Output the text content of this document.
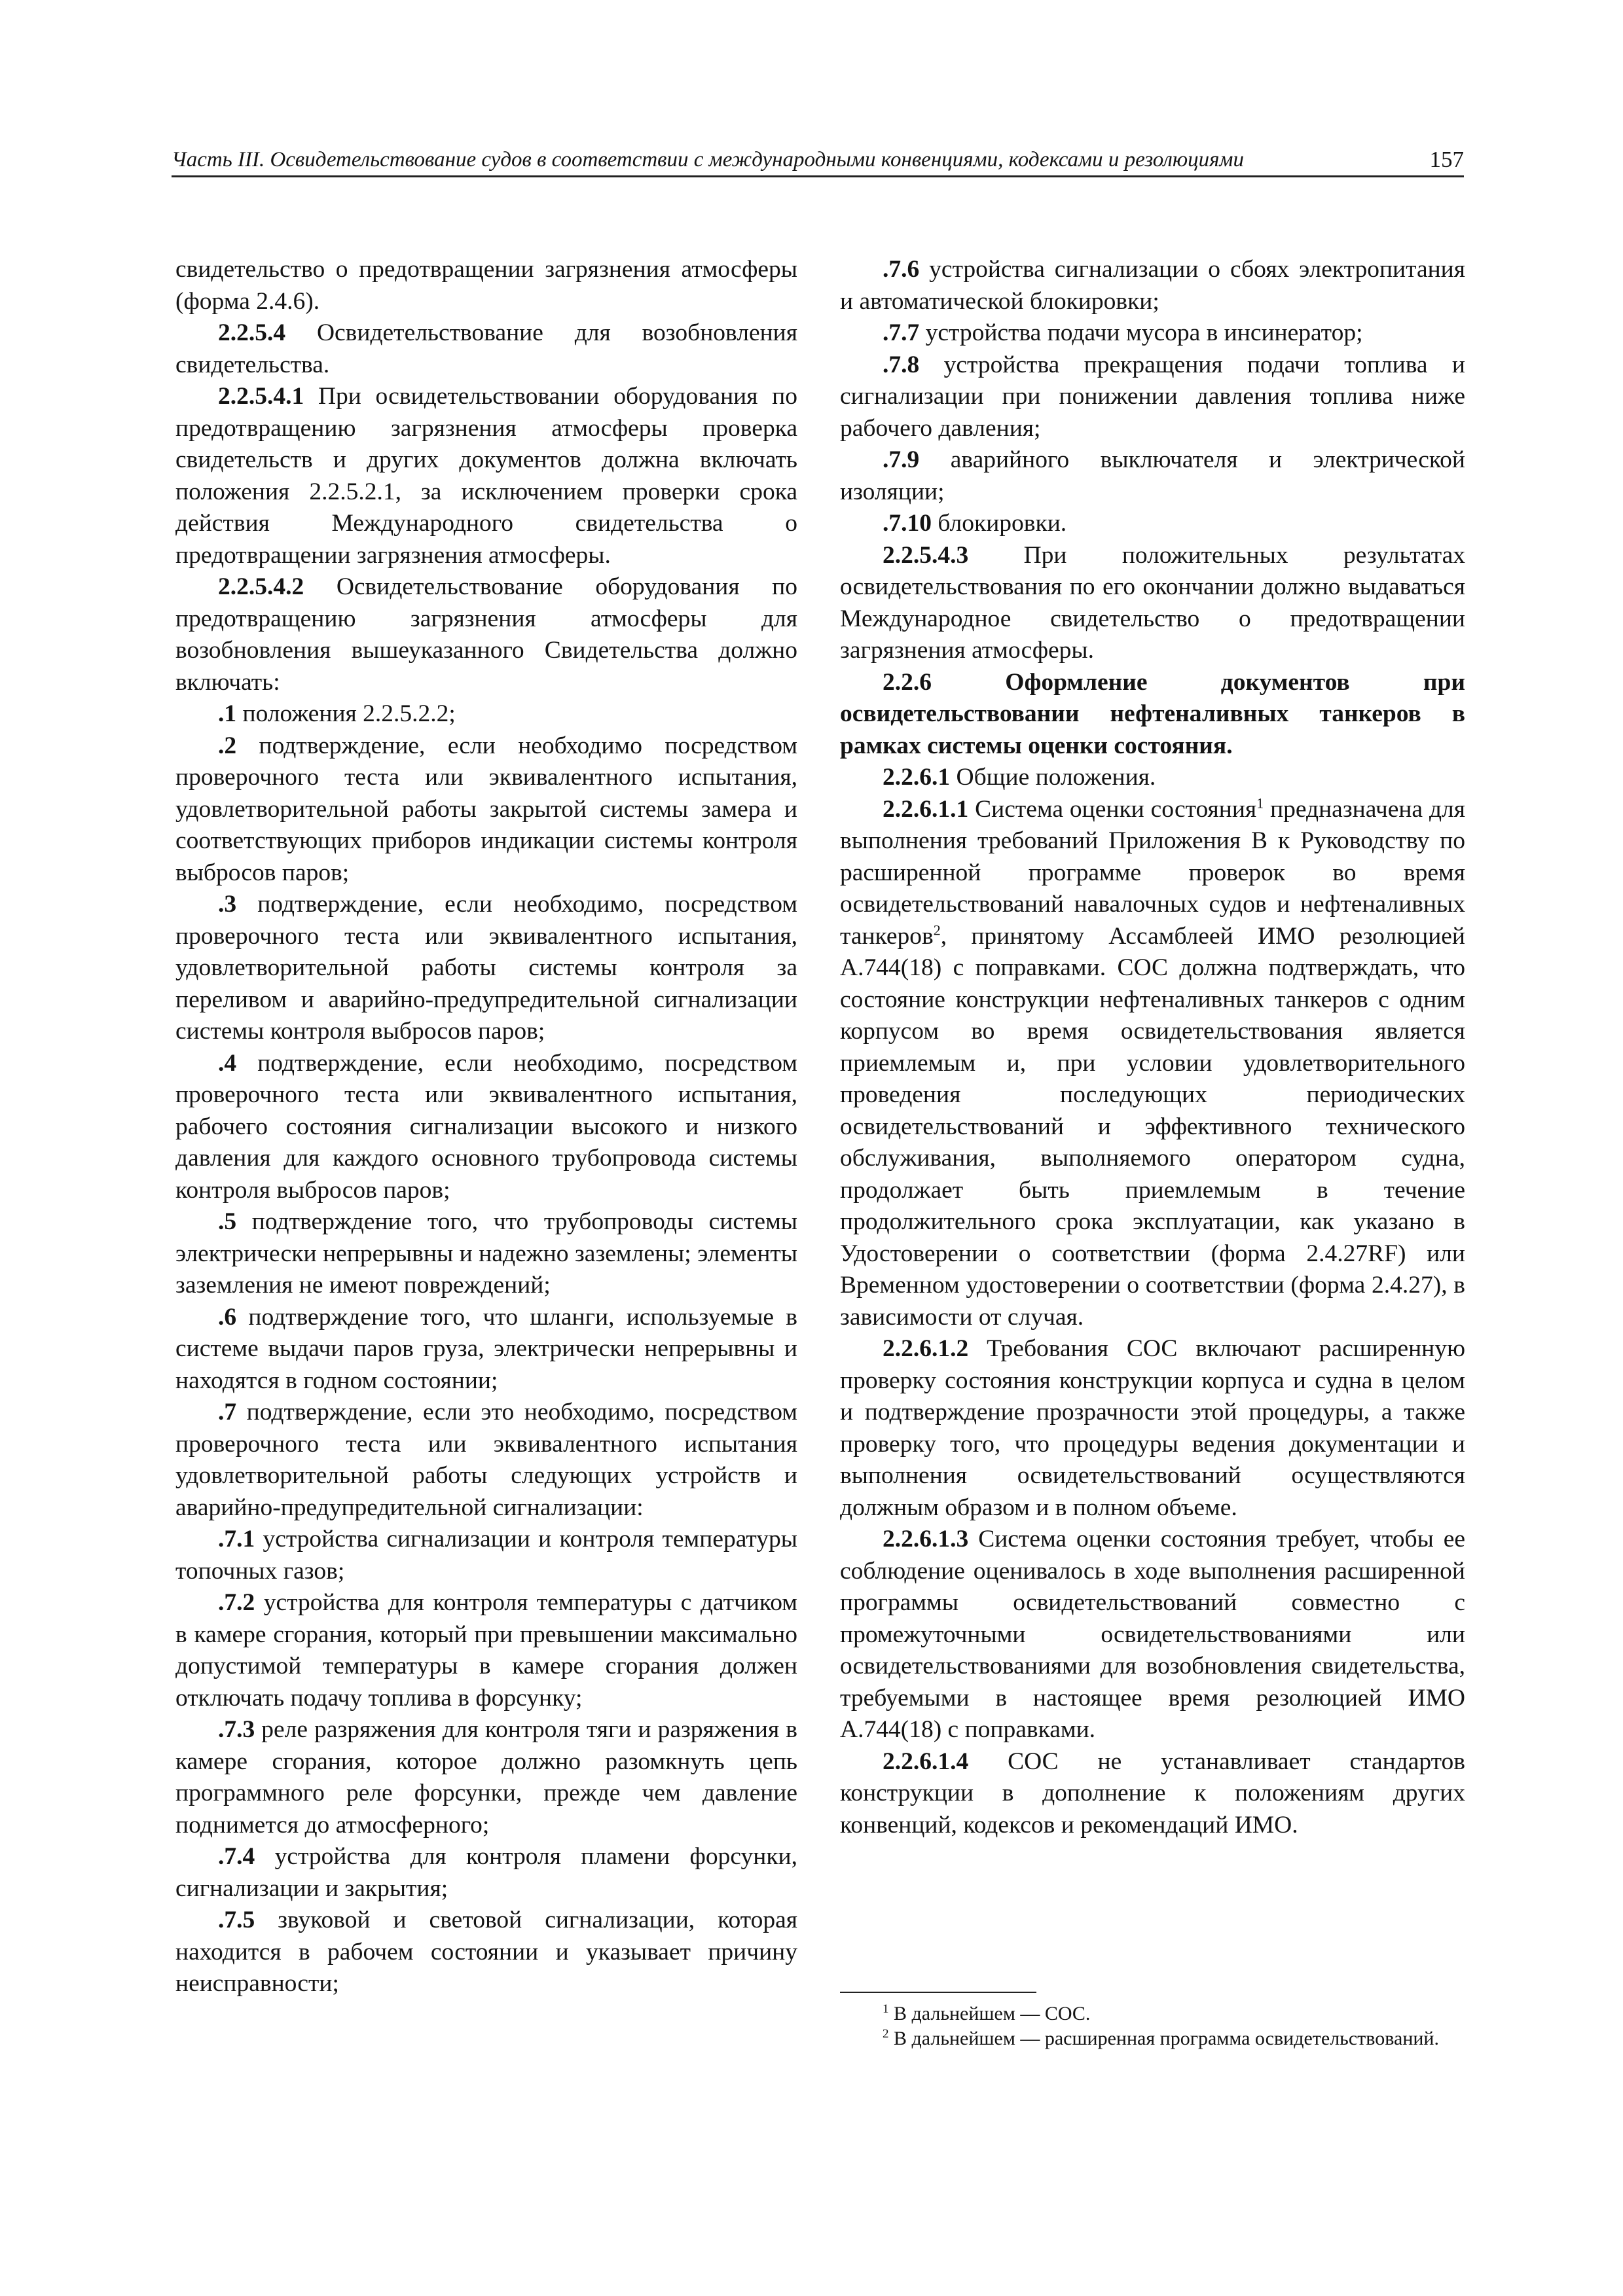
Часть III. Освидетельствование судов в соответствии с международными конвенциями, кодексами и резолюциями	157

свидетельство о предотвращении загрязнения атмосферы (форма 2.4.6).

2.2.5.4 Освидетельствование для возобновления свидетельства.

2.2.5.4.1 При освидетельствовании оборудования по предотвращению загрязнения атмосферы проверка свидетельств и других документов должна включать положения 2.2.5.2.1, за исключением проверки срока действия Международного свидетельства о предотвращении загрязнения атмосферы.

2.2.5.4.2 Освидетельствование оборудования по предотвращению загрязнения атмосферы для возобновления вышеуказанного Свидетельства должно включать:

.1 положения 2.2.5.2.2;

.2 подтверждение, если необходимо посредством проверочного теста или эквивалентного испытания, удовлетворительной работы закрытой системы замера и соответствующих приборов индикации системы контроля выбросов паров;

.3 подтверждение, если необходимо, посредством проверочного теста или эквивалентного испытания, удовлетворительной работы системы контроля за переливом и аварийно-предупредительной сигнализации системы контроля выбросов паров;

.4 подтверждение, если необходимо, посредством проверочного теста или эквивалентного испытания, рабочего состояния сигнализации высокого и низкого давления для каждого основного трубопровода системы контроля выбросов паров;

.5 подтверждение того, что трубопроводы системы электрически непрерывны и надежно заземлены; элементы заземления не имеют повреждений;

.6 подтверждение того, что шланги, используемые в системе выдачи паров груза, электрически непрерывны и находятся в годном состоянии;

.7 подтверждение, если это необходимо, посредством проверочного теста или эквивалентного испытания удовлетворительной работы следующих устройств и аварийно-предупредительной сигнализации:

.7.1 устройства сигнализации и контроля температуры топочных газов;

.7.2 устройства для контроля температуры с датчиком в камере сгорания, который при превышении максимально допустимой температуры в камере сгорания должен отключать подачу топлива в форсунку;

.7.3 реле разряжения для контроля тяги и разряжения в камере сгорания, которое должно разомкнуть цепь программного реле форсунки, прежде чем давление поднимется до атмосферного;

.7.4 устройства для контроля пламени форсунки, сигнализации и закрытия;

.7.5 звуковой и световой сигнализации, которая находится в рабочем состоянии и указывает причину неисправности;

.7.6 устройства сигнализации о сбоях электропитания и автоматической блокировки;

.7.7 устройства подачи мусора в инсинератор;

.7.8 устройства прекращения подачи топлива и сигнализации при понижении давления топлива ниже рабочего давления;

.7.9 аварийного выключателя и электрической изоляции;

.7.10 блокировки.

2.2.5.4.3 При положительных результатах освидетельствования по его окончании должно выдаваться Международное свидетельство о предотвращении загрязнения атмосферы.

2.2.6 Оформление документов при освидетельствовании нефтеналивных танкеров в рамках системы оценки состояния.

2.2.6.1 Общие положения.

2.2.6.1.1 Система оценки состояния$^1$ предназначена для выполнения требований Приложения В к Руководству по расширенной программе проверок во время освидетельствований навалочных судов и нефтеналивных танкеров$^2$, принятому Ассамблеей ИМО резолюцией А.744(18) с поправками. СОС должна подтверждать, что состояние конструкции нефтеналивных танкеров с одним корпусом во время освидетельствования является приемлемым и, при условии удовлетворительного проведения последующих периодических освидетельствований и эффективного технического обслуживания, выполняемого оператором судна, продолжает быть приемлемым в течение продолжительного срока эксплуатации, как указано в Удостоверении о соответствии (форма 2.4.27RF) или Временном удостоверении о соответствии (форма 2.4.27), в зависимости от случая.

2.2.6.1.2 Требования СОС включают расширенную проверку состояния конструкции корпуса и судна в целом и подтверждение прозрачности этой процедуры, а также проверку того, что процедуры ведения документации и выполнения освидетельствований осуществляются должным образом и в полном объеме.

2.2.6.1.3 Система оценки состояния требует, чтобы ее соблюдение оценивалось в ходе выполнения расширенной программы освидетельствований совместно с промежуточными освидетельствованиями или освидетельствованиями для возобновления свидетельства, требуемыми в настоящее время резолюцией ИМО А.744(18) с поправками.

2.2.6.1.4 СОС не устанавливает стандартов конструкции в дополнение к положениям других конвенций, кодексов и рекомендаций ИМО.

$^1$ В дальнейшем — СОС.

$^2$ В дальнейшем — расширенная программа освидетельствований.
